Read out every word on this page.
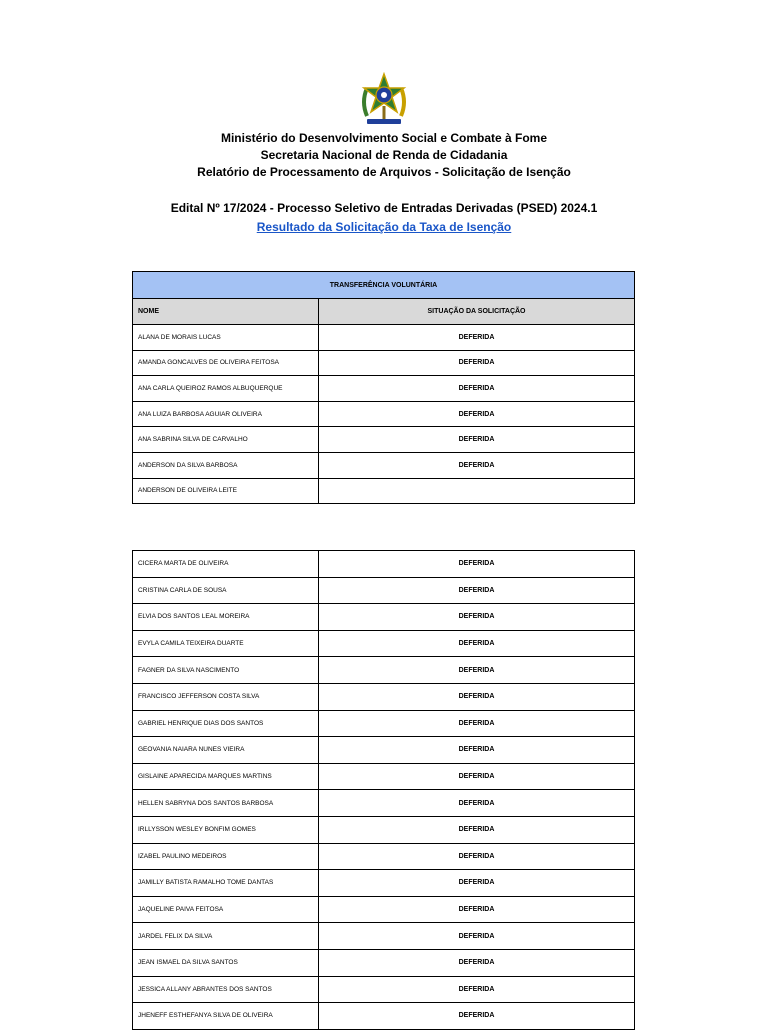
Ministério do Desenvolvimento Social e Combate à Fome

Secretaria Nacional de Renda de Cidadania

Relatório de Processamento de Arquivos - Solicitação de Isenção

Edital Nº 17/2024 - Processo Seletivo de Entradas Derivadas (PSED) 2024.1

Resultado da Solicitação da Taxa de Isenção
TRANSFERÊNCIA VOLUNTÁRIA	
NOME	SITUAÇÃO DA SOLICITAÇÃO
ALANA DE MORAIS LUCAS	DEFERIDA
AMANDA GONCALVES DE OLIVEIRA FEITOSA	DEFERIDA
ANA CARLA QUEIROZ RAMOS ALBUQUERQUE	DEFERIDA
ANA LUIZA BARBOSA AGUIAR OLIVEIRA	DEFERIDA
ANA SABRINA SILVA DE CARVALHO	DEFERIDA
ANDERSON DA SILVA BARBOSA	DEFERIDA
ANDERSON DE OLIVEIRA LEITE	
CICERA MARTA DE OLIVEIRA	DEFERIDA
CRISTINA CARLA DE SOUSA	DEFERIDA
ELVIA DOS SANTOS LEAL MOREIRA	DEFERIDA
EVYLA CAMILA TEIXEIRA DUARTE	DEFERIDA
FAGNER DA SILVA NASCIMENTO	DEFERIDA
FRANCISCO JEFFERSON COSTA SILVA	DEFERIDA
GABRIEL HENRIQUE DIAS DOS SANTOS	DEFERIDA
GEOVANIA NAIARA NUNES VIEIRA	DEFERIDA
GISLAINE APARECIDA MARQUES MARTINS	DEFERIDA
HELLEN SABRYNA DOS SANTOS BARBOSA	DEFERIDA
IRLLYSSON WESLEY BONFIM GOMES	DEFERIDA
IZABEL PAULINO MEDEIROS	DEFERIDA
JAMILLY BATISTA RAMALHO TOME DANTAS	DEFERIDA
JAQUELINE PAIVA FEITOSA	DEFERIDA
JARDEL FELIX DA SILVA	DEFERIDA
JEAN ISMAEL DA SILVA SANTOS	DEFERIDA
JESSICA ALLANY ABRANTES DOS SANTOS	DEFERIDA
JHENEFF ESTHEFANYA SILVA DE OLIVEIRA	DEFERIDA
